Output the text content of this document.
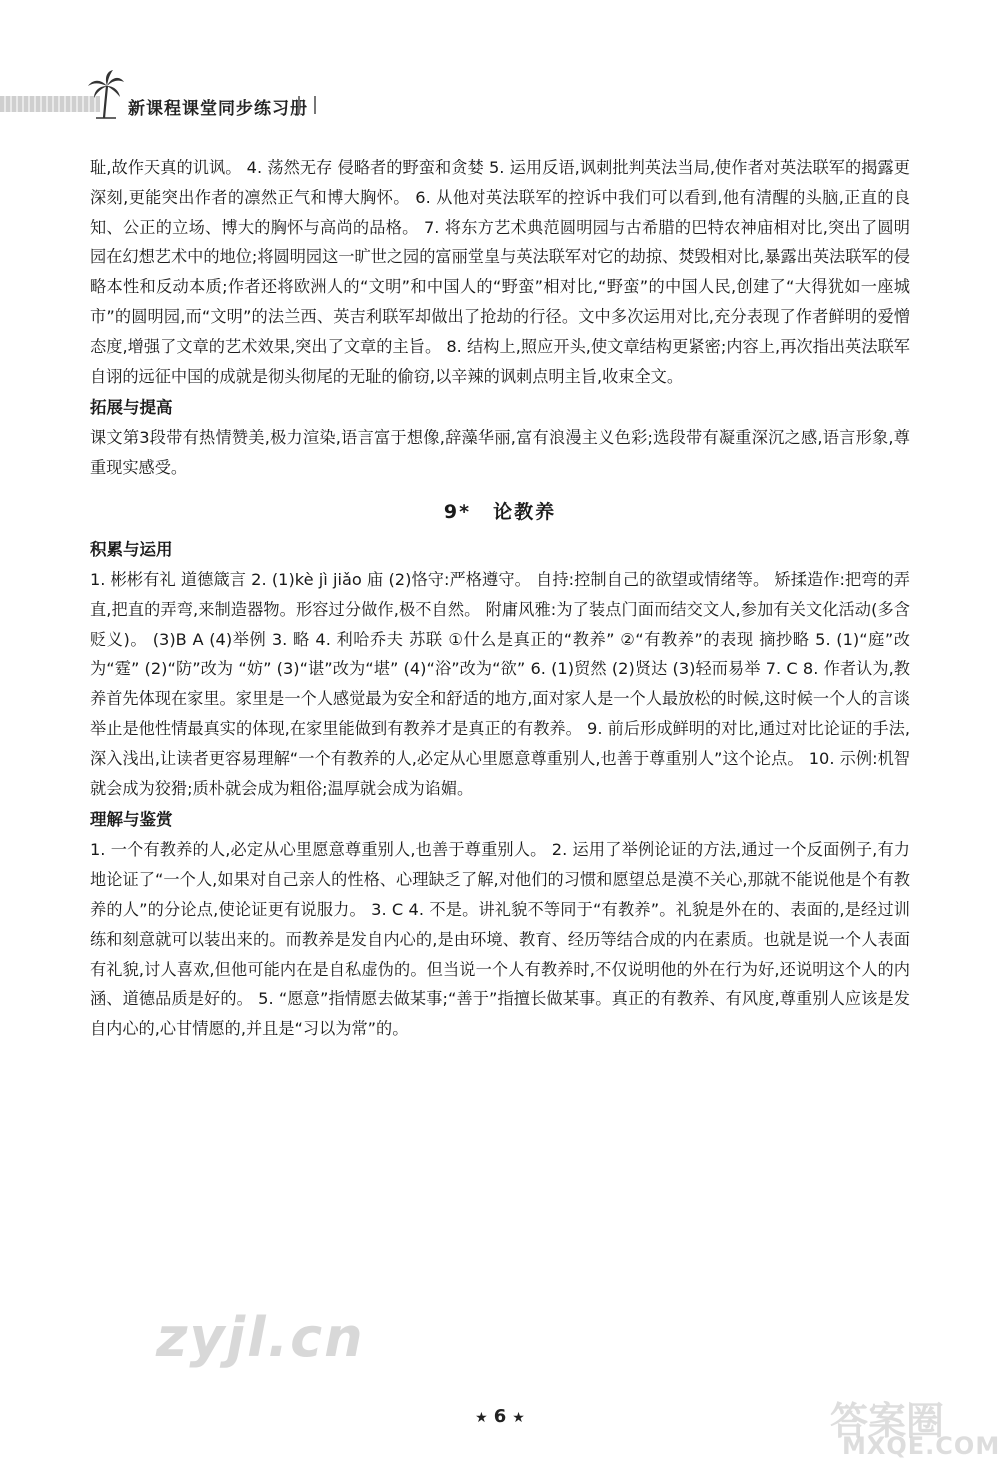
新课程课堂同步练习册

耻,故作天真的讥讽。 4. 荡然无存 侵略者的野蛮和贪婪 5. 运用反语,讽刺批判英法当局,使作者对英法联军的揭露更深刻,更能突出作者的凛然正气和博大胸怀。 6. 从他对英法联军的控诉中我们可以看到,他有清醒的头脑,正直的良知、公正的立场、博大的胸怀与高尚的品格。 7. 将东方艺术典范圆明园与古希腊的巴特农神庙相对比,突出了圆明园在幻想艺术中的地位;将圆明园这一旷世之园的富丽堂皇与英法联军对它的劫掠、焚毁相对比,暴露出英法联军的侵略本性和反动本质;作者还将欧洲人的“文明”和中国人的“野蛮”相对比,“野蛮”的中国人民,创建了“大得犹如一座城市”的圆明园,而“文明”的法兰西、英吉利联军却做出了抢劫的行径。文中多次运用对比,充分表现了作者鲜明的爱憎态度,增强了文章的艺术效果,突出了文章的主旨。 8. 结构上,照应开头,使文章结构更紧密;内容上,再次指出英法联军自诩的远征中国的成就是彻头彻尾的无耻的偷窃,以辛辣的讽刺点明主旨,收束全文。

拓展与提高

课文第3段带有热情赞美,极力渲染,语言富于想像,辞藻华丽,富有浪漫主义色彩;选段带有凝重深沉之感,语言形象,尊重现实感受。

9* 论教养
积累与运用

1. 彬彬有礼 道德箴言 2. (1)kè jì jiǎo 庙 (2)恪守:严格遵守。 自持:控制自己的欲望或情绪等。 矫揉造作:把弯的弄直,把直的弄弯,来制造器物。形容过分做作,极不自然。 附庸风雅:为了装点门面而结交文人,参加有关文化活动(多含贬义)。 (3)B A (4)举例 3. 略 4. 利哈乔夫 苏联 ①什么是真正的“教养” ②“有教养”的表现 摘抄略 5. (1)“庭”改为“霆” (2)“防”改为 “妨” (3)“谌”改为“堪” (4)“浴”改为“欲” 6. (1)贸然 (2)贤达 (3)轻而易举 7. C 8. 作者认为,教养首先体现在家里。家里是一个人感觉最为安全和舒适的地方,面对家人是一个人最放松的时候,这时候一个人的言谈举止是他性情最真实的体现,在家里能做到有教养才是真正的有教养。 9. 前后形成鲜明的对比,通过对比论证的手法,深入浅出,让读者更容易理解“一个有教养的人,必定从心里愿意尊重别人,也善于尊重别人”这个论点。 10. 示例:机智就会成为狡猾;质朴就会成为粗俗;温厚就会成为谄媚。

理解与鉴赏

1. 一个有教养的人,必定从心里愿意尊重别人,也善于尊重别人。 2. 运用了举例论证的方法,通过一个反面例子,有力地论证了“一个人,如果对自己亲人的性格、心理缺乏了解,对他们的习惯和愿望总是漠不关心,那就不能说他是个有教养的人”的分论点,使论证更有说服力。 3. C 4. 不是。讲礼貌不等同于“有教养”。礼貌是外在的、表面的,是经过训练和刻意就可以装出来的。而教养是发自内心的,是由环境、教育、经历等结合成的内在素质。也就是说一个人表面有礼貌,讨人喜欢,但他可能内在是自私虚伪的。但当说一个人有教养时,不仅说明他的外在行为好,还说明这个人的内涵、道德品质是好的。 5. “愿意”指情愿去做某事;“善于”指擅长做某事。真正的有教养、有风度,尊重别人应该是发自内心的,心甘情愿的,并且是“习以为常”的。

★ 6 ★
zyjl.cn
答案圈
MXQE.COM
